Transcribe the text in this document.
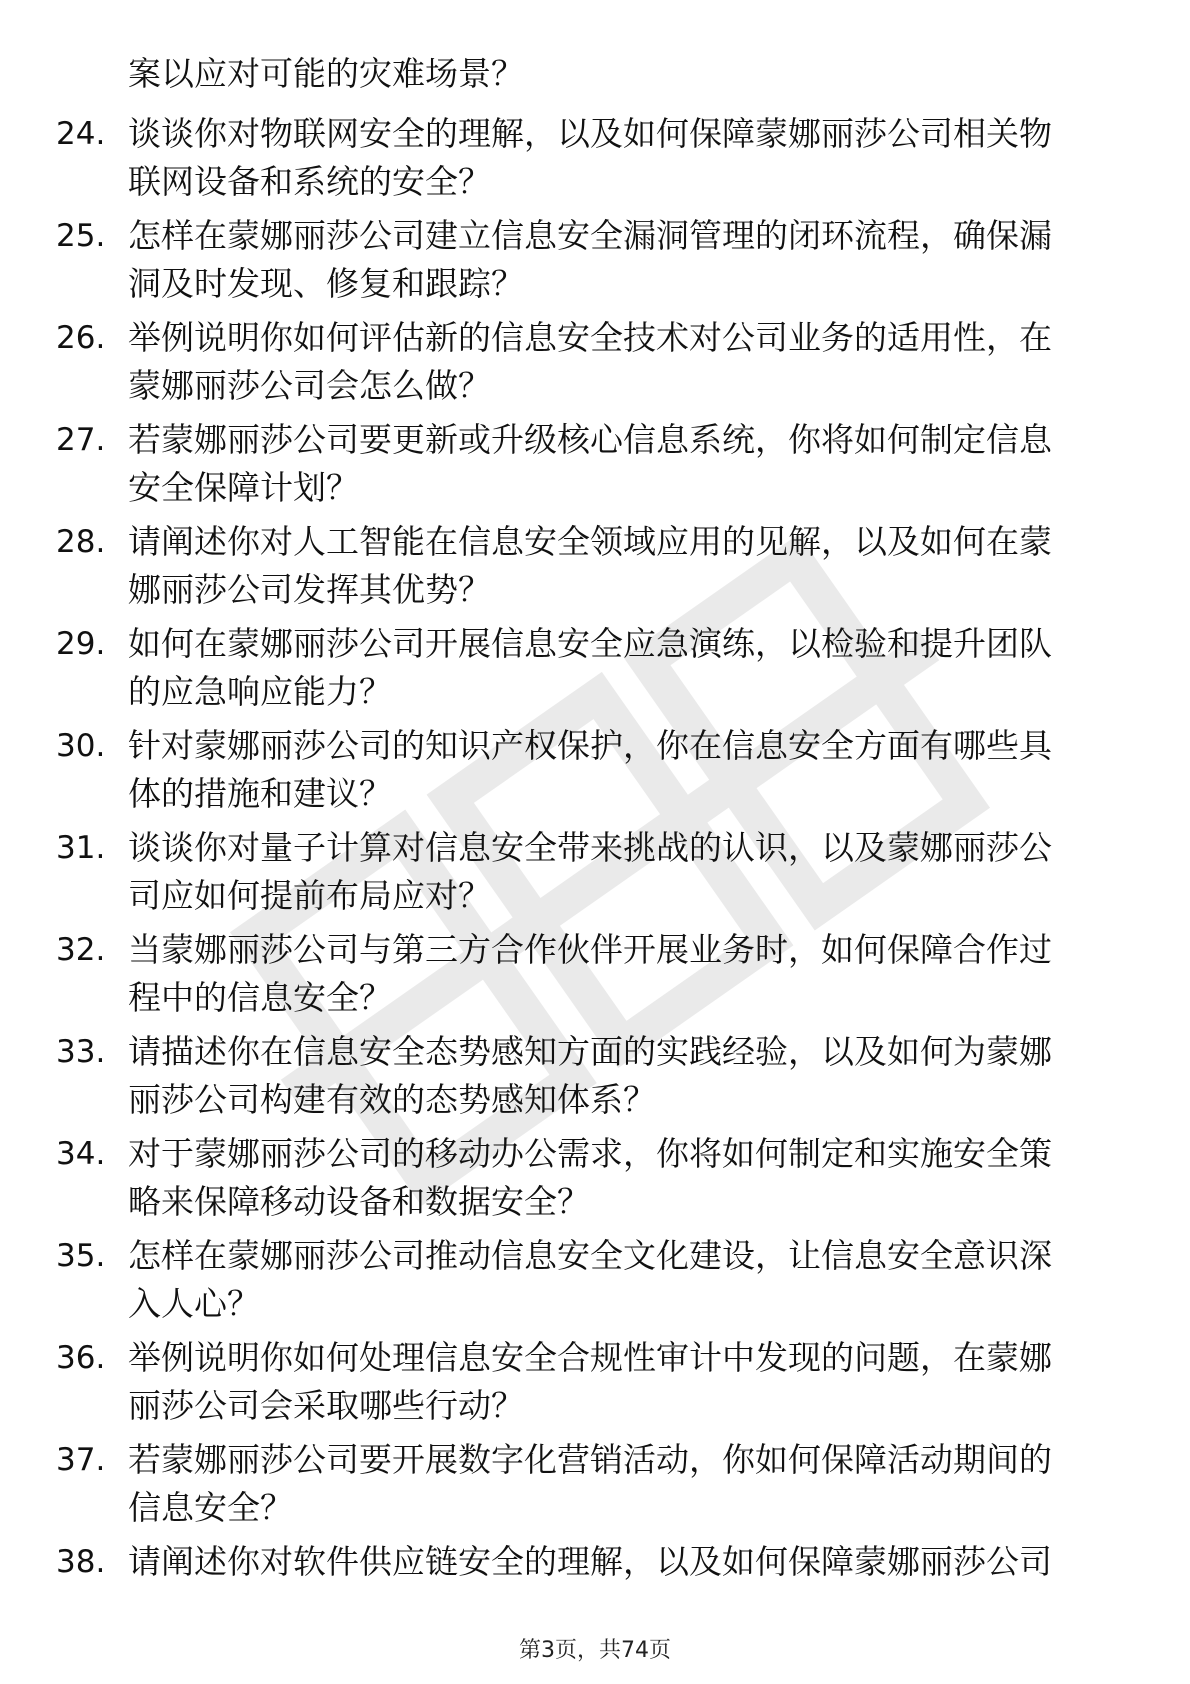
案以应对可能的灾难场景？
24. 谈谈你对物联网安全的理解，以及如何保障蒙娜丽莎公司相关物
联网设备和系统的安全？
25. 怎样在蒙娜丽莎公司建立信息安全漏洞管理的闭环流程，确保漏
洞及时发现、修复和跟踪？
26. 举例说明你如何评估新的信息安全技术对公司业务的适用性，在
蒙娜丽莎公司会怎么做？
27. 若蒙娜丽莎公司要更新或升级核心信息系统，你将如何制定信息
安全保障计划？
28. 请阐述你对人工智能在信息安全领域应用的见解，以及如何在蒙
娜丽莎公司发挥其优势？
29. 如何在蒙娜丽莎公司开展信息安全应急演练，以检验和提升团队
的应急响应能力？
30. 针对蒙娜丽莎公司的知识产权保护，你在信息安全方面有哪些具
体的措施和建议？
31. 谈谈你对量子计算对信息安全带来挑战的认识，以及蒙娜丽莎公
司应如何提前布局应对？
32. 当蒙娜丽莎公司与第三方合作伙伴开展业务时，如何保障合作过
程中的信息安全？
33. 请描述你在信息安全态势感知方面的实践经验，以及如何为蒙娜
丽莎公司构建有效的态势感知体系？
34. 对于蒙娜丽莎公司的移动办公需求，你将如何制定和实施安全策
略来保障移动设备和数据安全？
35. 怎样在蒙娜丽莎公司推动信息安全文化建设，让信息安全意识深
入人心？
36. 举例说明你如何处理信息安全合规性审计中发现的问题，在蒙娜
丽莎公司会采取哪些行动？
37. 若蒙娜丽莎公司要开展数字化营销活动，你如何保障活动期间的
信息安全？
38. 请阐述你对软件供应链安全的理解，以及如何保障蒙娜丽莎公司
第3页，共74页
